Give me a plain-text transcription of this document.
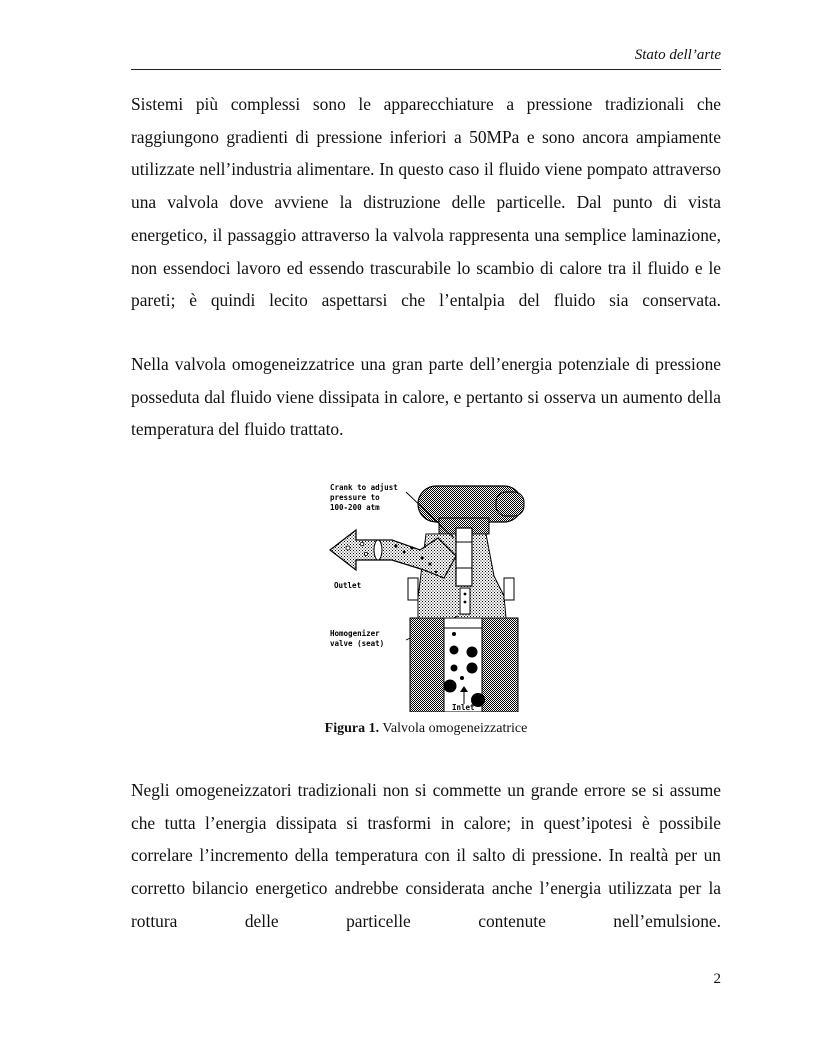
Stato dell’arte

Sistemi più complessi sono le apparecchiature a pressione tradizionali che raggiungono gradienti di pressione inferiori a 50MPa e sono ancora ampiamente utilizzate nell’industria alimentare. In questo caso il fluido viene pompato attraverso una valvola dove avviene la distruzione delle particelle. Dal punto di vista energetico, il passaggio attraverso la valvola rappresenta una semplice laminazione, non essendoci lavoro ed essendo trascurabile lo scambio di calore tra il fluido e le pareti; è quindi lecito aspettarsi che l’entalpia del fluido sia conservata.

Nella valvola omogeneizzatrice una gran parte dell’energia potenziale di pressione posseduta dal fluido viene dissipata in calore, e pertanto si osserva un aumento della temperatura del fluido trattato.

Crank to adjust
pressure to
100-200 atm
Outlet
Homogenizer
valve (seat)
Inlet
Figura 1. Valvola omogeneizzatrice

Negli omogeneizzatori tradizionali non si commette un grande errore se si assume che tutta l’energia dissipata si trasformi in calore; in quest’ipotesi è possibile correlare l’incremento della temperatura con il salto di pressione. In realtà per un corretto bilancio energetico andrebbe considerata anche l’energia utilizzata per la rottura delle particelle contenute nell’emulsione.

2
